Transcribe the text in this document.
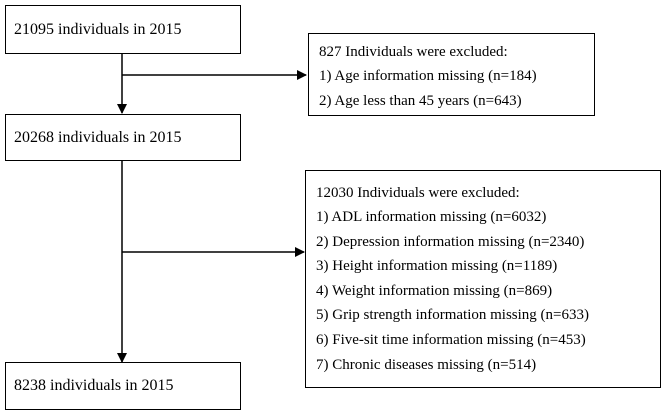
21095 individuals in 2015
20268 individuals in 2015
8238 individuals in 2015
827 Individuals were excluded:
1) Age information missing (n=184)
2) Age less than 45 years (n=643)
12030 Individuals were excluded:
1) ADL information missing (n=6032)
2) Depression information missing (n=2340)
3) Height information missing (n=1189)
4) Weight information missing (n=869)
5) Grip strength information missing (n=633)
6) Five-sit time information missing (n=453)
7) Chronic diseases missing (n=514)
